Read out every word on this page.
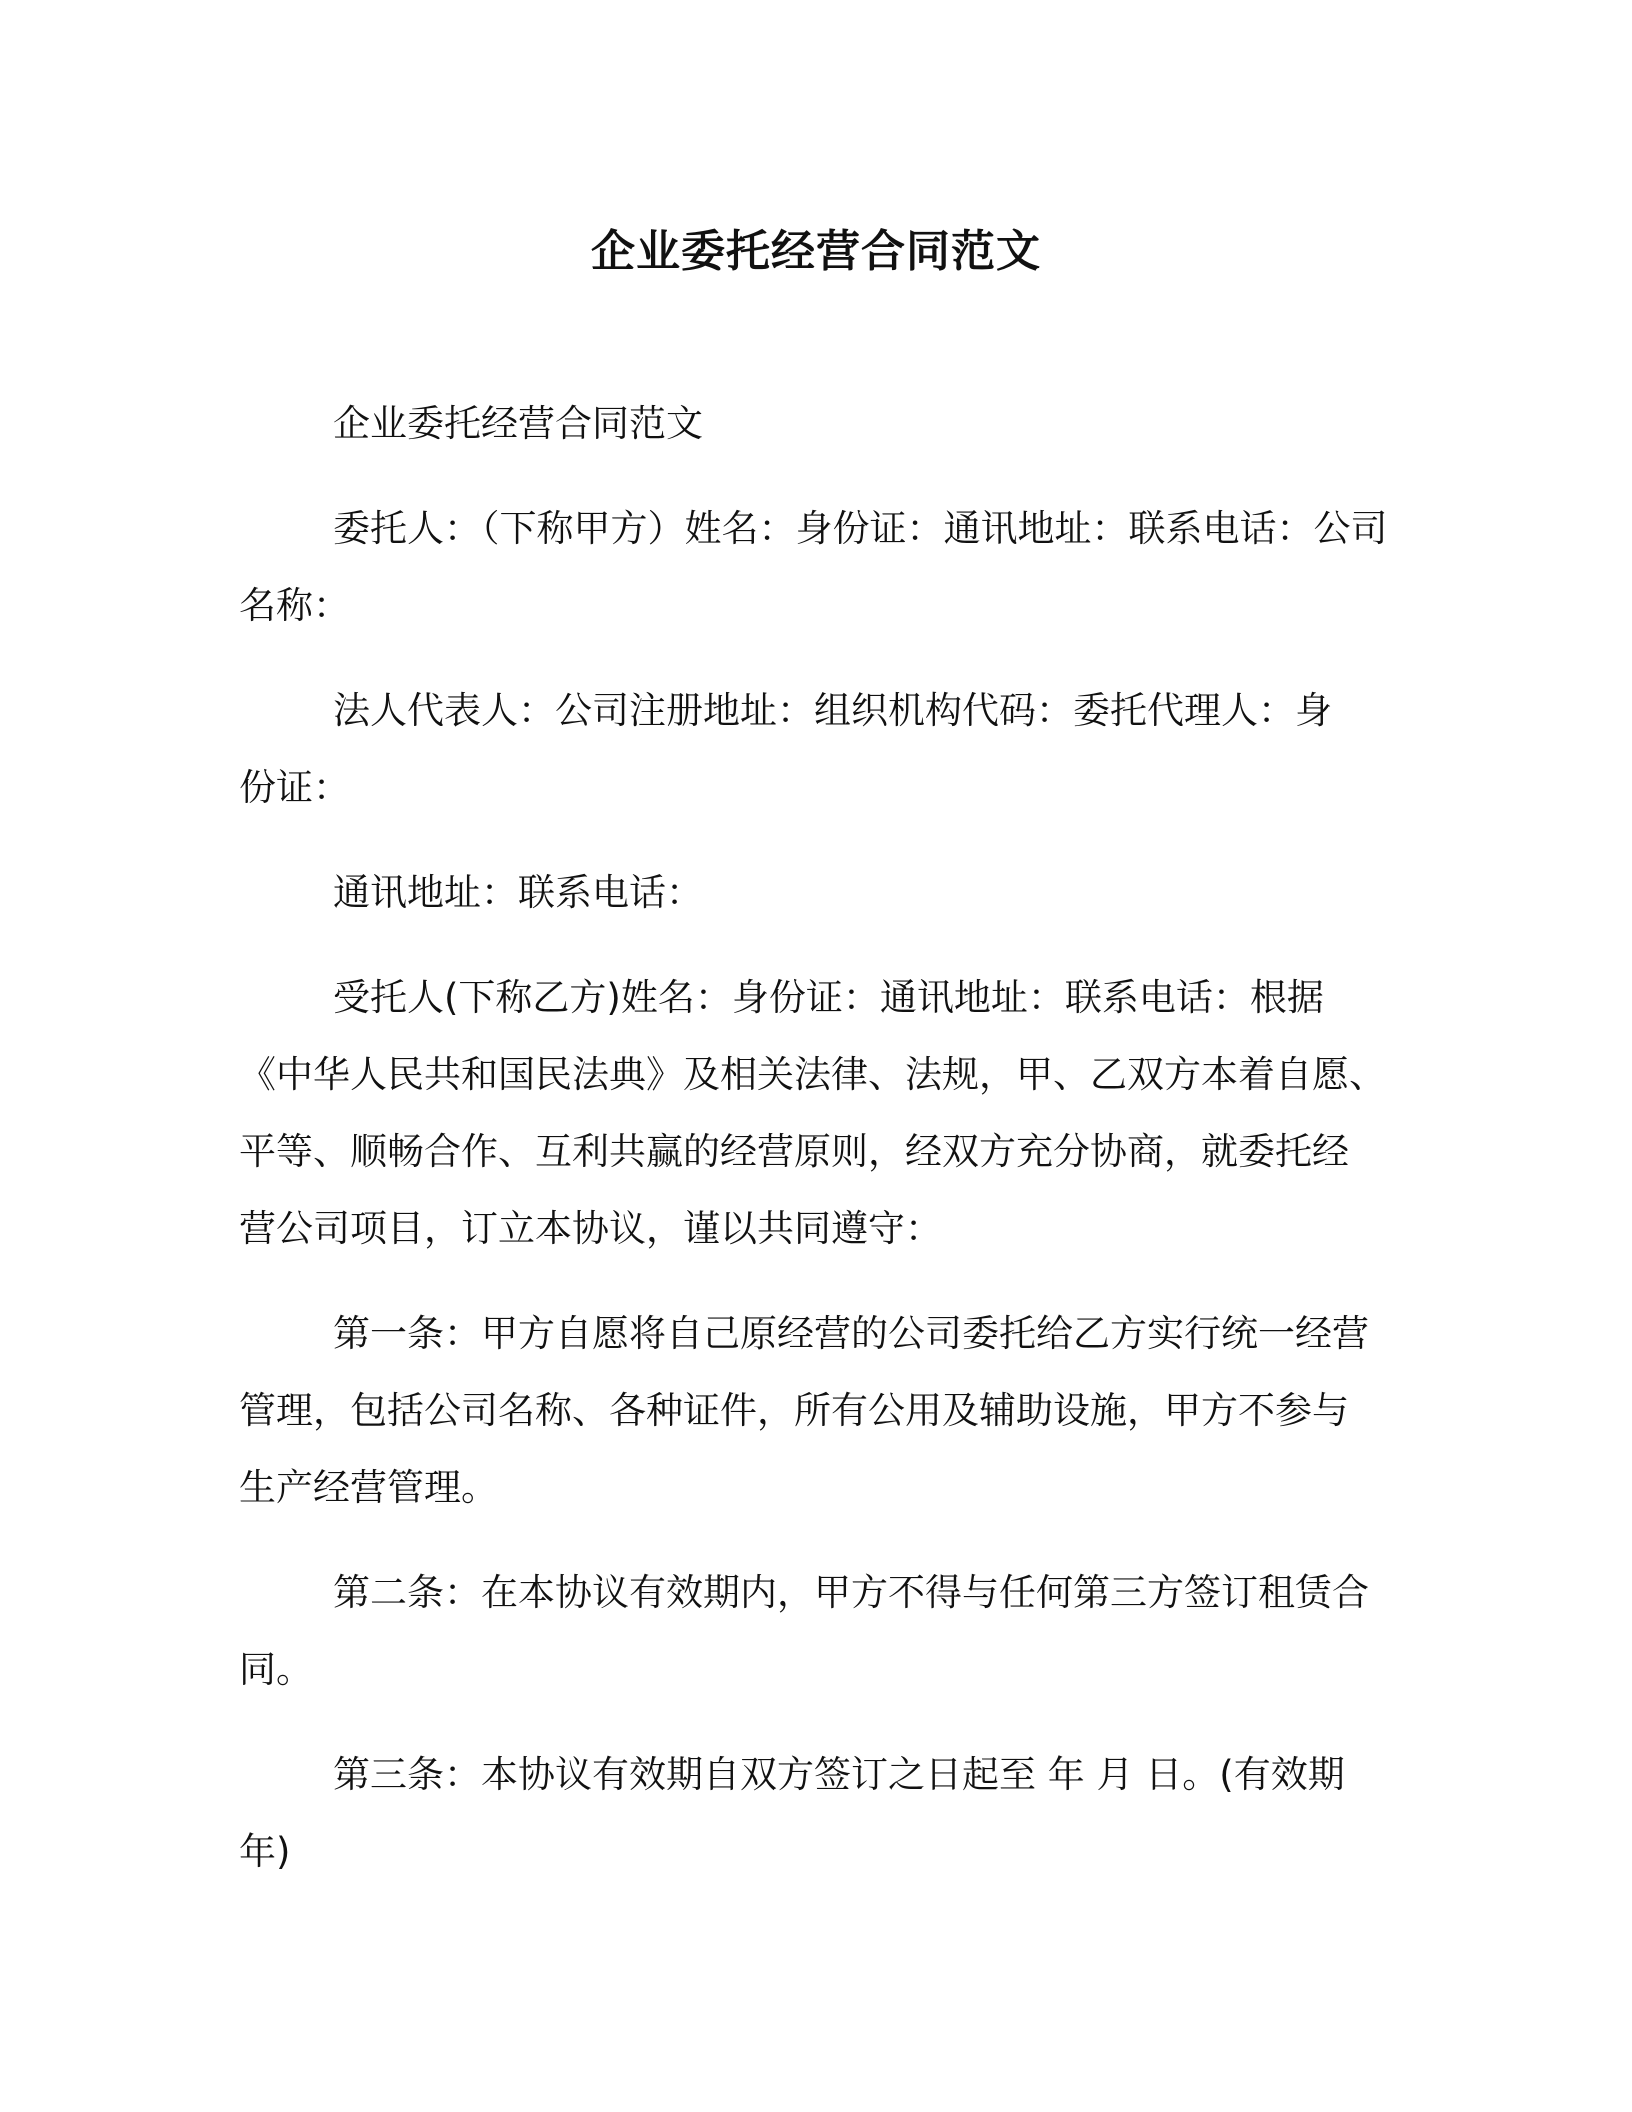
企业委托经营合同范文

企业委托经营合同范文

委托人：（下称甲方）姓名：身份证：通讯地址：联系电话：公司
名称：

法人代表人：公司注册地址：组织机构代码：委托代理人：身
份证：

通讯地址：联系电话：

受托人(下称乙方)姓名：身份证：通讯地址：联系电话：根据
《中华人民共和国民法典》及相关法律、法规，甲、乙双方本着自愿、
平等、顺畅合作、互利共赢的经营原则，经双方充分协商，就委托经
营公司项目，订立本协议，谨以共同遵守：

第一条：甲方自愿将自己原经营的公司委托给乙方实行统一经营
管理，包括公司名称、各种证件，所有公用及辅助设施，甲方不参与
生产经营管理。

第二条：在本协议有效期内，甲方不得与任何第三方签订租赁合
同。

第三条：本协议有效期自双方签订之日起至 年 月 日。(有效期 年)
